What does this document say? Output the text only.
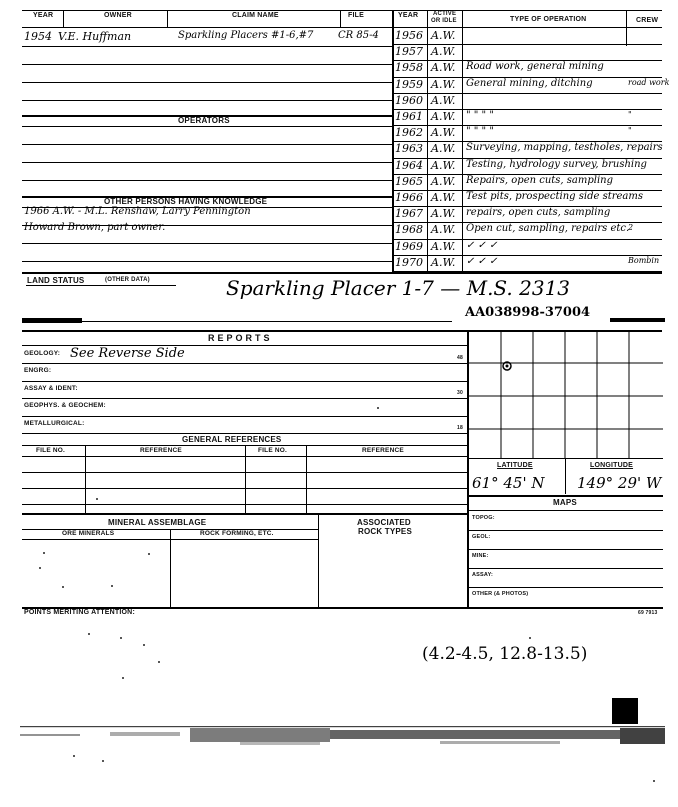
YEAR	OWNER	CLAIM NAME	FILE	YEAR ACTIVE
OR IDLE	TYPE OF OPERATION	CREW
1954 V.E. Huffman	Sparkling Placers #1-6,#7 CR 85-4
OPERATORS
OTHER PERSONS HAVING KNOWLEDGE
1966 A.W. - M.L. Renshaw, Larry Pennington
Howard Brown, part owner.
1956 A.W.
1957 A.W.
1958 A.W. Road work, general mining
1959 A.W. General mining, ditching	road work
1960 A.W.
1961 A.W. " " " "	"
1962 A.W. " " " "	"
1963 A.W. Surveying, mapping, testholes, repairs
1964 A.W. Testing, hydrology survey, brushing
1965 A.W. Repairs, open cuts, sampling
1966 A.W. Test pits, prospecting side streams
1967 A.W. repairs, open cuts, sampling
1968 A.W. Open cut, sampling, repairs etc.
2
1969 A.W. ✓ ✓ ✓
1970 A.W. ✓ ✓ ✓	Bombin
LAND STATUS	(OTHER DATA)	Sparkling Placer 1-7 — M.S. 2313
AA038998-37004
REPORTS
GEOLOGY: See Reverse Side	48
ENGRG:
ASSAY & IDENT:
30
GEOPHYS. & GEOCHEM:
METALLURGICAL:
18
LATITUDE	LONGITUDE
61° 45' N 149° 29' W
MAPS
TOPOG:
GEOL:
MINE:
ASSAY:
OTHER (& PHOTOS)
GENERAL REFERENCES
FILE NO.	REFERENCE	FILE NO.	REFERENCE
MINERAL ASSEMBLAGE	ASSOCIATED
ROCK TYPES
ORE MINERALS	ROCK FORMING, ETC.
POINTS MERITING ATTENTION:	69 7913
(4.2-4.5, 12.8-13.5)
